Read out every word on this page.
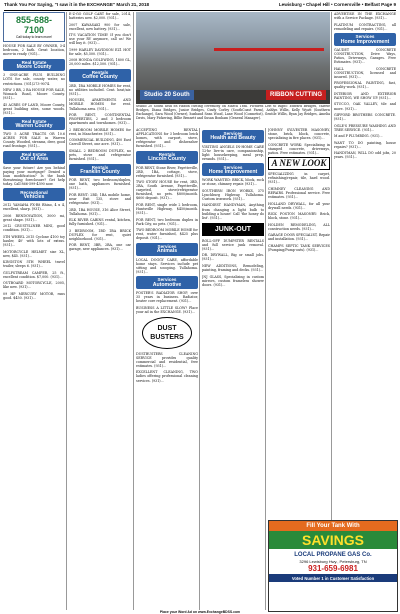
Thank You For Saying, "I saw it in the EXCHANGE" March 21, 2018	Lewisburg • Chapel Hill • Cornersville • Belfast Page 9
855-688-7100
Call today to learn more!

HOUSE FOR SALE BY OWNER, 3-4 bedroom, 2 bath. Great location, move-in ready. (931)...

Real Estate
Moore County

3 ONE-ACRE PLUS BUILDING LOTS for sale, county water, no restrictions. (931)273-9074.

NEW 3 BR, 2 BA HOUSE FOR SALE, Womack Road, Moore County. (931)...

45 ACRES OF LAND, Moore County, great building sites, some woods. (931)...

Real Estate
Warren County

TWO 5 ACRE TRACTS OR 10.6 ACRES FOR SALE in Warren County. Wooded, streams, deer, good road frontage. (931)...

Real Estate
Out of Area

Save your future! Are you behind paying your mortgage? Denied a loan modification? Is the bank threatening foreclosure? Get help today. Call 866-599-4390 now.

Recreational
Vehicles

2012 YAMAHA FX-R8 Rhino, 4 x 4, excellent, sharp. (931)...

2006 RENDOVATION, 3000 mi, great shape. (931)...

2012 CRUSTYLINER MINI, good condition. (931)...

5TH WHEEL 2015 Cyclone 4100 toy hauler, 40' with lots of extras. (931)...

MOTORCYCLE HELMET size XL, new, $45. (931)...

KINGSTON 5TH WHEEL travel trailer, sleeps 6. (931)...

GULFSTREAM CAMPER, 25 ft., excellent condition. $7,000. (931)...

OUTBOARD MOTORCYCLE, 2005, like new. (931)...

09 HP MERCURY MOTOR, runs good. $450. (931)...

E-Z-GO GOLF CART for sale, 2014, batteries new. $2,000. (931)...

2007 KAWASAKI 900 for sale, excellent, new battery. (931)...

IT'S VACATION TIME! If you don't use your RV anymore, call us! We will buy it. (931)...

1999 HARLEY DAVIDSON EZ1 HOT for sale, $5,500. (931)...

2008 HONDA GOLDWING, 1800 GL, 20,000 miles. $12,500. (931)...

Rentals
Coffee County

2BD, 1BA MOBILE HOMES for rent, no utilities included. Cent. heat/air. (931)...

HOUSES, APARTMENTS AND MOBILE HOMES for rent. Tullahoma area. (931)...

FOR RENT, CONTINENTAL PROPERTIES, 2 and 3 bedroom apartments and townhomes. (931)...

2 BEDROOM MOBILE HOMES for rent, in Manchester. (931)...

COMMERCIAL BUILDING, 400 East Carroll Street, one acre. (931)...

SMALL 2 BEDROOM DUPLEX, no pets, stove and refrigerator furnished. (931)...

Rentals
Franklin County

FOR RENT, two bedroom/duplex, one bath, appliances furnished. (931)...

FOR RENT: 2BD, 1BA mobile home, near Exit 135, stove and refrigerator. (931)...

2BD, 1BA HOUSE, 316 Alice Street, Tullahoma. (931)...

ELK RIVER CABINS rental, kitchen, fully furnished. (931)...

3 BEDROOM, 1BD 1BA BRICK DUPLEX for rent, quiet neighborhood. (931)...

FOR RENT, 3BR, 2BA, one car garage, new appliances. (931)...

Studio 20 South	RIBBON CUTTING
Studio 20 South held its ribbon cutting ceremony on March 16th. Pictured Left to Right: Edward Bridges, Valerie Bridges, Diana Bridges, Junior Bridges, Cindy Corley (SouthCoast Farm), Ashlyn Willis, Kelly Wyatt (Southern Exchange), Sara Wood (Owner), husband Sean Wood, Lane Wood (Cosmetist), Gentile Willis, Ryan Jay Bridges, Amelia Davis, Mary Pickering, Billie Bennett and Susan Bonham (General Manager).

ACCEPTING RENTAL APPLICATIONS for 3 bedroom brick homes, with carport, stove, refrigerator and dishwasher furnished. (931)...

Rentals
Lincoln County

FOR RENT, Stone River, Fayetteville, 2BD, 1BA, cottage, stove, refrigerator furnished. (931)...

TWO STORY HOUSE for rent, 3BD, 2BA, South Avenue, Fayetteville, carpeted, stove/refrigerator furnished, no pets. $800/month. $600 deposit. (931)...

FOR RENT, single wide 2 bedroom, Huntsville Highway, $450/month. (931)...

FOR RENT, two bedroom duplex in Park City, no pets. (931)...

TWO BEDROOM MOBILE HOME for rent, water furnished, $425 plus deposit. (931)...

Services
Animals

LOCAL DOGGY CARE, affordable home stays. Services include pet sitting and scooping. Tullahoma. (931)...

Services
Automotive

FOSTER'S RADIATOR SHOP, over 35 years in business. Radiator, heater core replacement. (931)...

BUSINESS A LITTLE SLOW? Place your ad in the EXCHANGE. (931)...

DUST BUSTERS

DUSTBUSTERS CLEANING SERVICE provides quality commercial and residential, free estimates. (931)...

EXCELLENT CLEANING, TWO ladies offering professional cleaning services. (931)...

Services
Health and Beauty

VISITING ANGELS IN-HOME CARE 12-hr live-in care, companionship, light housekeeping, meal prep, errands. (931)...

Services
Home Improvement

WORK WANTED: BRICK, block, rock or stone, chimney repair. (931)...

SOUTHERN IRON WORKS, 375 Lynchburg Highway, Tullahoma. Custom ironwork. (931)...

HANDIEST HANDYMAN, Anything from changing a light bulb to building a house! Call 'the honey do list'. (931)...

JUNK-OUT

ROLL-OFF DUMPSTER RENTALS and full service junk removal. (931)...

DR. DRYWALL, Big or small jobs. (931)...

NEW ADDITIONS, Remodeling, painting, framing and decks. (931)...

JNJ GLASS, Specializing in custom mirrors, custom frameless shower doors. (931)...

JOHNNY SYLVESTER MASONRY, stone, brick, block, concrete, specializing in fire places. (931)...

CONCRETE WORK: Specializing in stamped concrete, driveways, patios. Free estimates. (931)...

A NEW LOOK

SPECIALIZING in carpet, refinishing/repair, tile, hard wood. (931)...

CHIMNEY CLEANING AND REPAIRS. Professional service. Free estimates. (931)...

HOLLAND DRYWALL, for all your drywall needs. (931)...

RICK POSTON MASONRY: Brick, block, stone. (931)...

HOLDEN REMODELING, ALL construction needs. (931)...

GARAGE DOOR SPECIALIST, Repair and installation. (931)...

CHAMPS SEPTIC TANK SERVICES (Pumping/Pump-outs). (931)...

ADVERTISE IN THE EXCHANGE with a Service Package. (931)...

PLATINUM CONTRACTING, all remodeling and repairs. (931)...

Services
Home Improvement

GAUDET CONCRETE CONSTRUCTION, Drive Ways, Patios, Driveways, Garages. Free Estimates. (931)...

HALL CONCRETE CONSTRUCTION, licensed and insured. (931)...

PROFESSIONAL PAINTING, fast, quality work. (931)...

INTERIOR AND EXTERIOR PAINTING, WE SHOW UP. (931)...

STUCCO, OAK VALLEY, tile and more. (931)...

GIFFORD BROTHERS CONCRETE. (931)...

OGLE'S PRESSURE WASHING AND TREE SERVICE. (931)...

M and P PLUMBING. (931)...

WANT TO DO painting, house repairs? (931)...

HANDYMAN, WILL DO odd jobs, 20 years. (931)...

Fill Your Tank With
SAVINGS
LOCAL PROPANE GAS Co.
3296 Lewisburg Hwy., Petersburg, TN
931-659-6981
Voted Number 1 in Customer Satisfaction
Place your Word Ad on www.ExchangeBDSS.com
